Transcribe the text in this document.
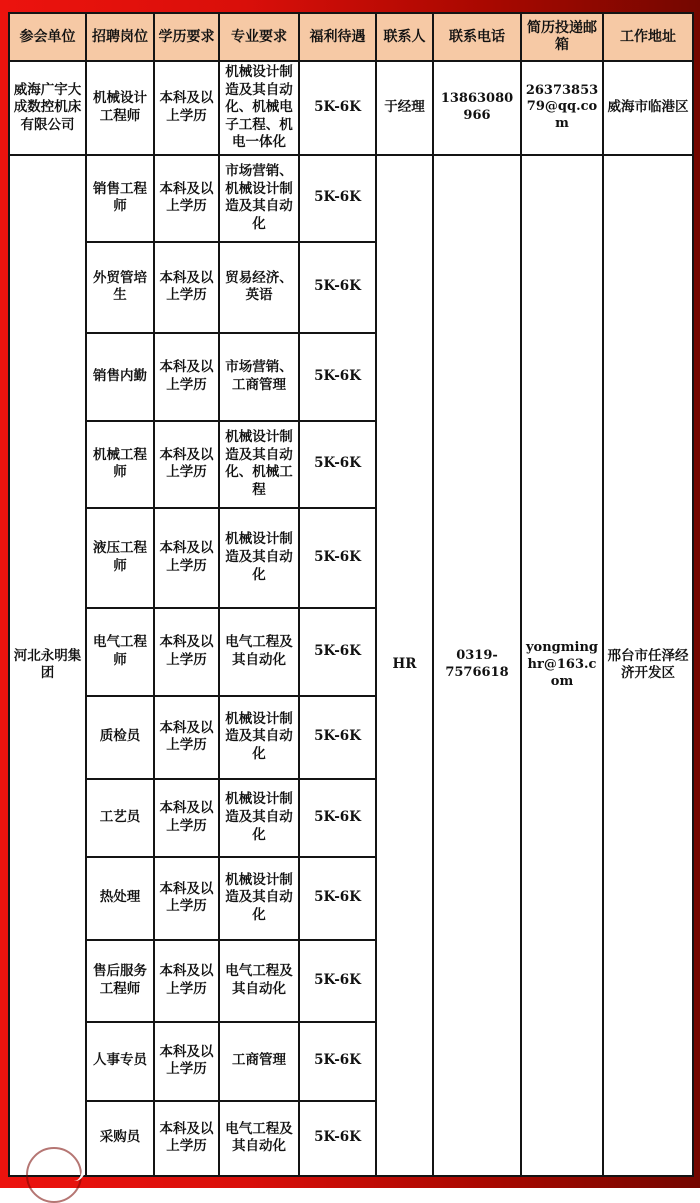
参会单位	招聘岗位	学历要求	专业要求	福利待遇	联系人	联系电话	简历投递邮箱	工作地址
威海广宇大成数控机床有限公司	机械设计工程师	本科及以上学历	机械设计制造及其自动化、机械电子工程、机电一体化	5K-6K	于经理	13863080966	2637385379@qq.com	威海市临港区
河北永明集团	销售工程师	本科及以上学历	市场营销、机械设计制造及其自动化	5K-6K	HR	0319-7576618	yongminghr@163.com	邢台市任泽经济开发区
	外贸管培生	本科及以上学历	贸易经济、英语	5K-6K				
	销售内勤	本科及以上学历	市场营销、工商管理	5K-6K				
	机械工程师	本科及以上学历	机械设计制造及其自动化、机械工程	5K-6K				
	液压工程师	本科及以上学历	机械设计制造及其自动化	5K-6K				
	电气工程师	本科及以上学历	电气工程及其自动化	5K-6K				
	质检员	本科及以上学历	机械设计制造及其自动化	5K-6K				
	工艺员	本科及以上学历	机械设计制造及其自动化	5K-6K				
	热处理	本科及以上学历	机械设计制造及其自动化	5K-6K				
	售后服务工程师	本科及以上学历	电气工程及其自动化	5K-6K				
	人事专员	本科及以上学历	工商管理	5K-6K				
	采购员	本科及以上学历	电气工程及其自动化	5K-6K				
